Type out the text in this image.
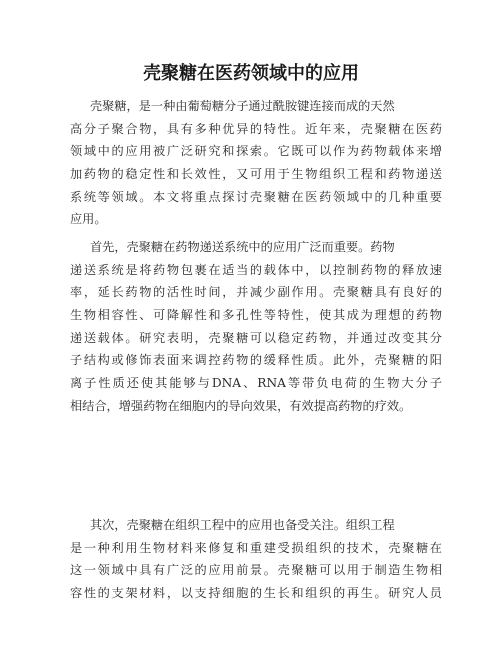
壳聚糖在医药领域中的应用

壳聚糖，是一种由葡萄糖分子通过酰胺键连接而成的天然
高分子聚合物，具有多种优异的特性。近年来，壳聚糖在医药
领域中的应用被广泛研究和探索。它既可以作为药物载体来增
加药物的稳定性和长效性，又可用于生物组织工程和药物递送
系统等领域。本文将重点探讨壳聚糖在医药领域中的几种重要
应用。

首先，壳聚糖在药物递送系统中的应用广泛而重要。药物
递送系统是将药物包裹在适当的载体中，以控制药物的释放速
率，延长药物的活性时间，并减少副作用。壳聚糖具有良好的
生物相容性、可降解性和多孔性等特性，使其成为理想的药物
递送载体。研究表明，壳聚糖可以稳定药物，并通过改变其分
子结构或修饰表面来调控药物的缓释性质。此外，壳聚糖的阳
离子性质还使其能够与DNA、RNA等带负电荷的生物大分子
相结合，增强药物在细胞内的导向效果，有效提高药物的疗效。

其次，壳聚糖在组织工程中的应用也备受关注。组织工程
是一种利用生物材料来修复和重建受损组织的技术，壳聚糖在
这一领域中具有广泛的应用前景。壳聚糖可以用于制造生物相
容性的支架材料，以支持细胞的生长和组织的再生。研究人员
